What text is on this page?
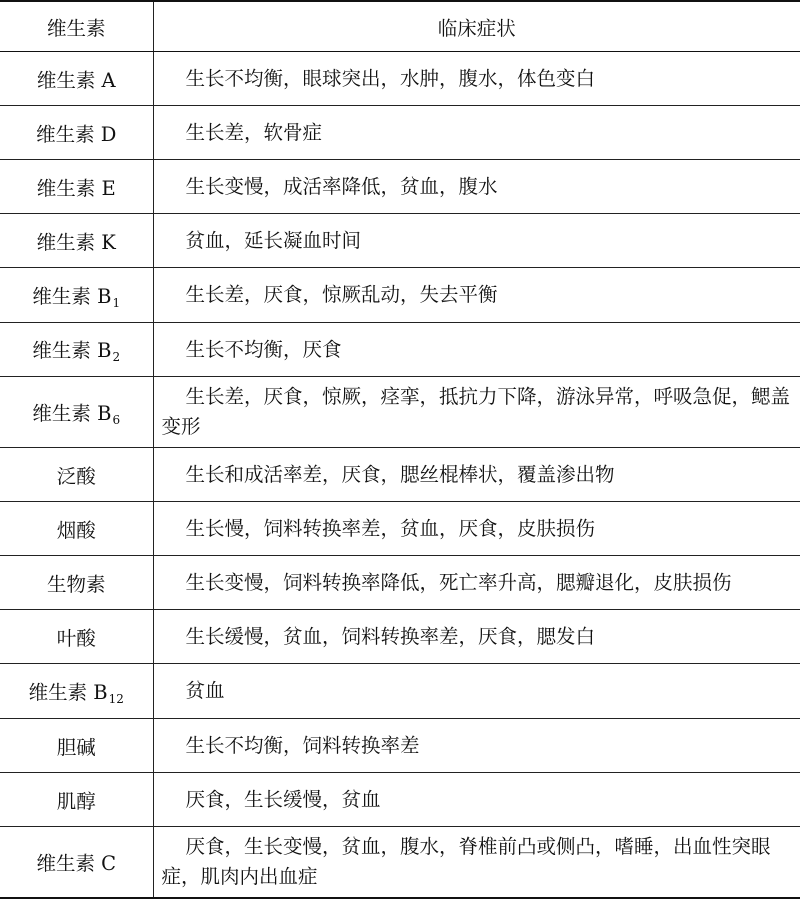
维生素	临床症状
维生素 A	生长不均衡，眼球突出，水肿，腹水，体色变白
维生素 D	生长差，软骨症
维生素 E	生长变慢，成活率降低，贫血，腹水
维生素 K	贫血，延长凝血时间
维生素 $B_1$	生长差，厌食，惊厥乱动，失去平衡
维生素 $B_2$	生长不均衡，厌食
维生素 $B_6$	生长差，厌食，惊厥，痉挛，抵抗力下降，游泳异常，呼吸急促，鳃盖变形
泛酸	生长和成活率差，厌食，腮丝棍棒状，覆盖渗出物
烟酸	生长慢，饲料转换率差，贫血，厌食，皮肤损伤
生物素	生长变慢，饲料转换率降低，死亡率升高，腮瓣退化，皮肤损伤
叶酸	生长缓慢，贫血，饲料转换率差，厌食，腮发白
维生素 $B_{12}$	贫血
胆碱	生长不均衡，饲料转换率差
肌醇	厌食，生长缓慢，贫血
维生素 C	厌食，生长变慢，贫血，腹水，脊椎前凸或侧凸，嗜睡，出血性突眼症，肌肉内出血症
